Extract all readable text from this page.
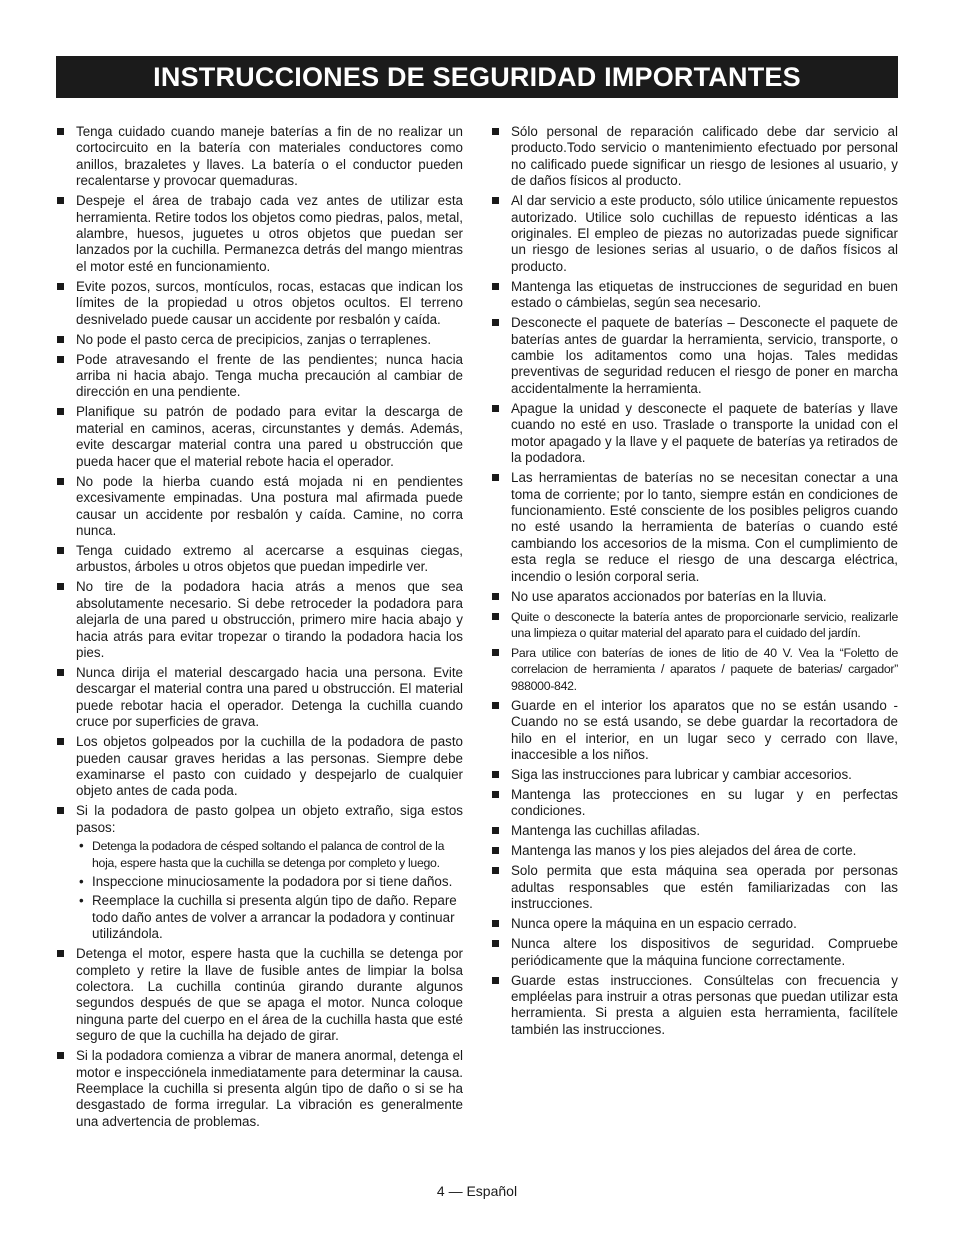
INSTRUCCIONES DE SEGURIDAD IMPORTANTES
Tenga cuidado cuando maneje baterías a fin de no realizar un cortocircuito en la batería con materiales conductores como anillos, brazaletes y llaves. La batería o el conductor pueden recalentarse y provocar quemaduras.
Despeje el área de trabajo cada vez antes de utilizar esta herramienta. Retire todos los objetos como piedras, palos, metal, alambre, huesos, juguetes u otros objetos que puedan ser lanzados por la cuchilla. Permanezca detrás del mango mientras el motor esté en funcionamiento.
Evite pozos, surcos, montículos, rocas, estacas que indican los límites de la propiedad u otros objetos ocultos. El terreno desnivelado puede causar un accidente por resbalón y caída.
No pode el pasto cerca de precipicios, zanjas o terraplenes.
Pode atravesando el frente de las pendientes; nunca hacia arriba ni hacia abajo. Tenga mucha precaución al cambiar de dirección en una pendiente.
Planifique su patrón de podado para evitar la descarga de material en caminos, aceras, circunstantes y demás. Además, evite descargar material contra una pared u obstrucción que pueda hacer que el material rebote hacia el operador.
No pode la hierba cuando está mojada ni en pendientes excesivamente empinadas. Una postura mal afirmada puede causar un accidente por resbalón y caída. Camine, no corra nunca.
Tenga cuidado extremo al acercarse a esquinas ciegas, arbustos, árboles u otros objetos que puedan impedirle ver.
No tire de la podadora hacia atrás a menos que sea absolutamente necesario. Si debe retroceder la podadora para alejarla de una pared u obstrucción, primero mire hacia abajo y hacia atrás para evitar tropezar o tirando la podadora hacia los pies.
Nunca dirija el material descargado hacia una persona. Evite descargar el material contra una pared u obstrucción. El material puede rebotar hacia el operador. Detenga la cuchilla cuando cruce por superficies de grava.
Los objetos golpeados por la cuchilla de la podadora de pasto pueden causar graves heridas a las personas. Siempre debe examinarse el pasto con cuidado y despejarlo de cualquier objeto antes de cada poda.
Si la podadora de pasto golpea un objeto extraño, siga estos pasos:
• Detenga la podadora de césped soltando el palanca de control de la hoja, espere hasta que la cuchilla se detenga por completo y luego.
• Inspeccione minuciosamente la podadora por si tiene daños.
• Reemplace la cuchilla si presenta algún tipo de daño. Repare todo daño antes de volver a arrancar la podadora y continuar utilizándola.
Detenga el motor, espere hasta que la cuchilla se detenga por completo y retire la llave de fusible antes de limpiar la bolsa colectora. La cuchilla continúa girando durante algunos segundos después de que se apaga el motor. Nunca coloque ninguna parte del cuerpo en el área de la cuchilla hasta que esté seguro de que la cuchilla ha dejado de girar.
Si la podadora comienza a vibrar de manera anormal, detenga el motor e inspecciónela inmediatamente para determinar la causa. Reemplace la cuchilla si presenta algún tipo de daño o si se ha desgastado de forma irregular. La vibración es generalmente una advertencia de problemas.
Sólo personal de reparación calificado debe dar servicio al producto.Todo servicio o mantenimiento efectuado por personal no calificado puede significar un riesgo de lesiones al usuario, y de daños físicos al producto.
Al dar servicio a este producto, sólo utilice únicamente repuestos autorizado. Utilice solo cuchillas de repuesto idénticas a las originales. El empleo de piezas no autorizadas puede significar un riesgo de lesiones serias al usuario, o de daños físicos al producto.
Mantenga las etiquetas de instrucciones de seguridad en buen estado o cámbielas, según sea necesario.
Desconecte el paquete de baterías – Desconecte el paquete de baterías antes de guardar la herramienta, servicio, transporte, o cambie los aditamentos como una hojas. Tales medidas preventivas de seguridad reducen el riesgo de poner en marcha accidentalmente la herramienta.
Apague la unidad y desconecte el paquete de baterías y llave cuando no esté en uso. Traslade o transporte la unidad con el motor apagado y la llave y el paquete de baterías ya retirados de la podadora.
Las herramientas de baterías no se necesitan conectar a una toma de corriente; por lo tanto, siempre están en condiciones de funcionamiento. Esté consciente de los posibles peligros cuando no esté usando la herramienta de baterías o cuando esté cambiando los accesorios de la misma. Con el cumplimiento de esta regla se reduce el riesgo de una descarga eléctrica, incendio o lesión corporal seria.
No use aparatos accionados por baterías en la lluvia.
Quite o desconecte la batería antes de proporcionarle servicio, realizarle una limpieza o quitar material del aparato para el cuidado del jardín.
Para utilice con baterías de iones de litio de 40 V. Vea la “Foletto de correlacion de herramienta / aparatos / paquete de baterias/ cargador” 988000-842.
Guarde en el interior los aparatos que no se están usando - Cuando no se está usando, se debe guardar la recortadora de hilo en el interior, en un lugar seco y cerrado con llave, inaccesible a los niños.
Siga las instrucciones para lubricar y cambiar accesorios.
Mantenga las protecciones en su lugar y en perfectas condiciones.
Mantenga las cuchillas afiladas.
Mantenga las manos y los pies alejados del área de corte.
Solo permita que esta máquina sea operada por personas adultas responsables que estén familiarizadas con las instrucciones.
Nunca opere la máquina en un espacio cerrado.
Nunca altere los dispositivos de seguridad. Compruebe periódicamente que la máquina funcione correctamente.
Guarde estas instrucciones. Consúltelas con frecuencia y empléelas para instruir a otras personas que puedan utilizar esta herramienta. Si presta a alguien esta herramienta, facilítele también las instrucciones.
4 — Español
